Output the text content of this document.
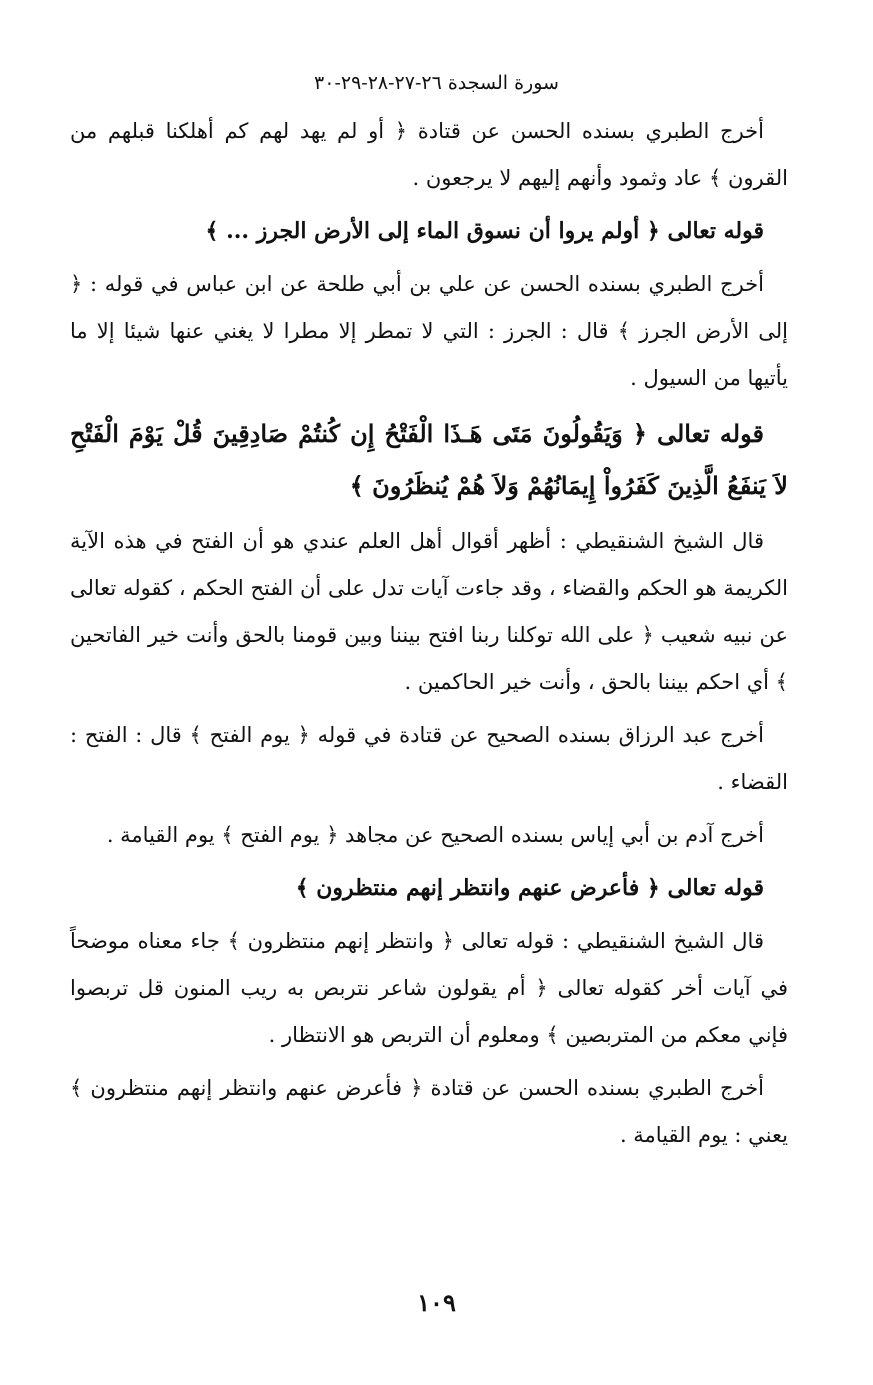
سورة السجدة ٢٦-٢٧-٢٨-٢٩-٣٠

أخرج الطبري بسنده الحسن عن قتادة ﴿ أو لم يهد لهم كم أهلكنا قبلهم من القرون ﴾ عاد وثمود وأنهم إليهم لا يرجعون .

قوله تعالى ﴿ أولم يروا أن نسوق الماء إلى الأرض الجرز ... ﴾

أخرج الطبري بسنده الحسن عن علي بن أبي طلحة عن ابن عباس في قوله : ﴿ إلى الأرض الجرز ﴾ قال : الجرز : التي لا تمطر إلا مطرا لا يغني عنها شيئا إلا ما يأتيها من السيول .

قوله تعالى ﴿ وَيَقُولُونَ مَتَى هَـذَا الْفَتْحُ إِن كُنتُمْ صَادِقِينَ قُلْ يَوْمَ الْفَتْحِ لاَ يَنفَعُ الَّذِينَ كَفَرُواْ إِيمَانُهُمْ وَلاَ هُمْ يُنظَرُونَ ﴾

قال الشيخ الشنقيطي : أظهر أقوال أهل العلم عندي هو أن الفتح في هذه الآية الكريمة هو الحكم والقضاء ، وقد جاءت آيات تدل على أن الفتح الحكم ، كقوله تعالى عن نبيه شعيب ﴿ على الله توكلنا ربنا افتح بيننا وبين قومنا بالحق وأنت خير الفاتحين ﴾ أي احكم بيننا بالحق ، وأنت خير الحاكمين .

أخرج عبد الرزاق بسنده الصحيح عن قتادة في قوله ﴿ يوم الفتح ﴾ قال : الفتح : القضاء .

أخرج آدم بن أبي إياس بسنده الصحيح عن مجاهد ﴿ يوم الفتح ﴾ يوم القيامة .

قوله تعالى ﴿ فأعرض عنهم وانتظر إنهم منتظرون ﴾

قال الشيخ الشنقيطي : قوله تعالى ﴿ وانتظر إنهم منتظرون ﴾ جاء معناه موضحاً في آيات أخر كقوله تعالى ﴿ أم يقولون شاعر نتربص به ريب المنون قل تربصوا فإني معكم من المتربصين ﴾ ومعلوم أن التربص هو الانتظار .

أخرج الطبري بسنده الحسن عن قتادة ﴿ فأعرض عنهم وانتظر إنهم منتظرون ﴾ يعني : يوم القيامة .

١٠٩
